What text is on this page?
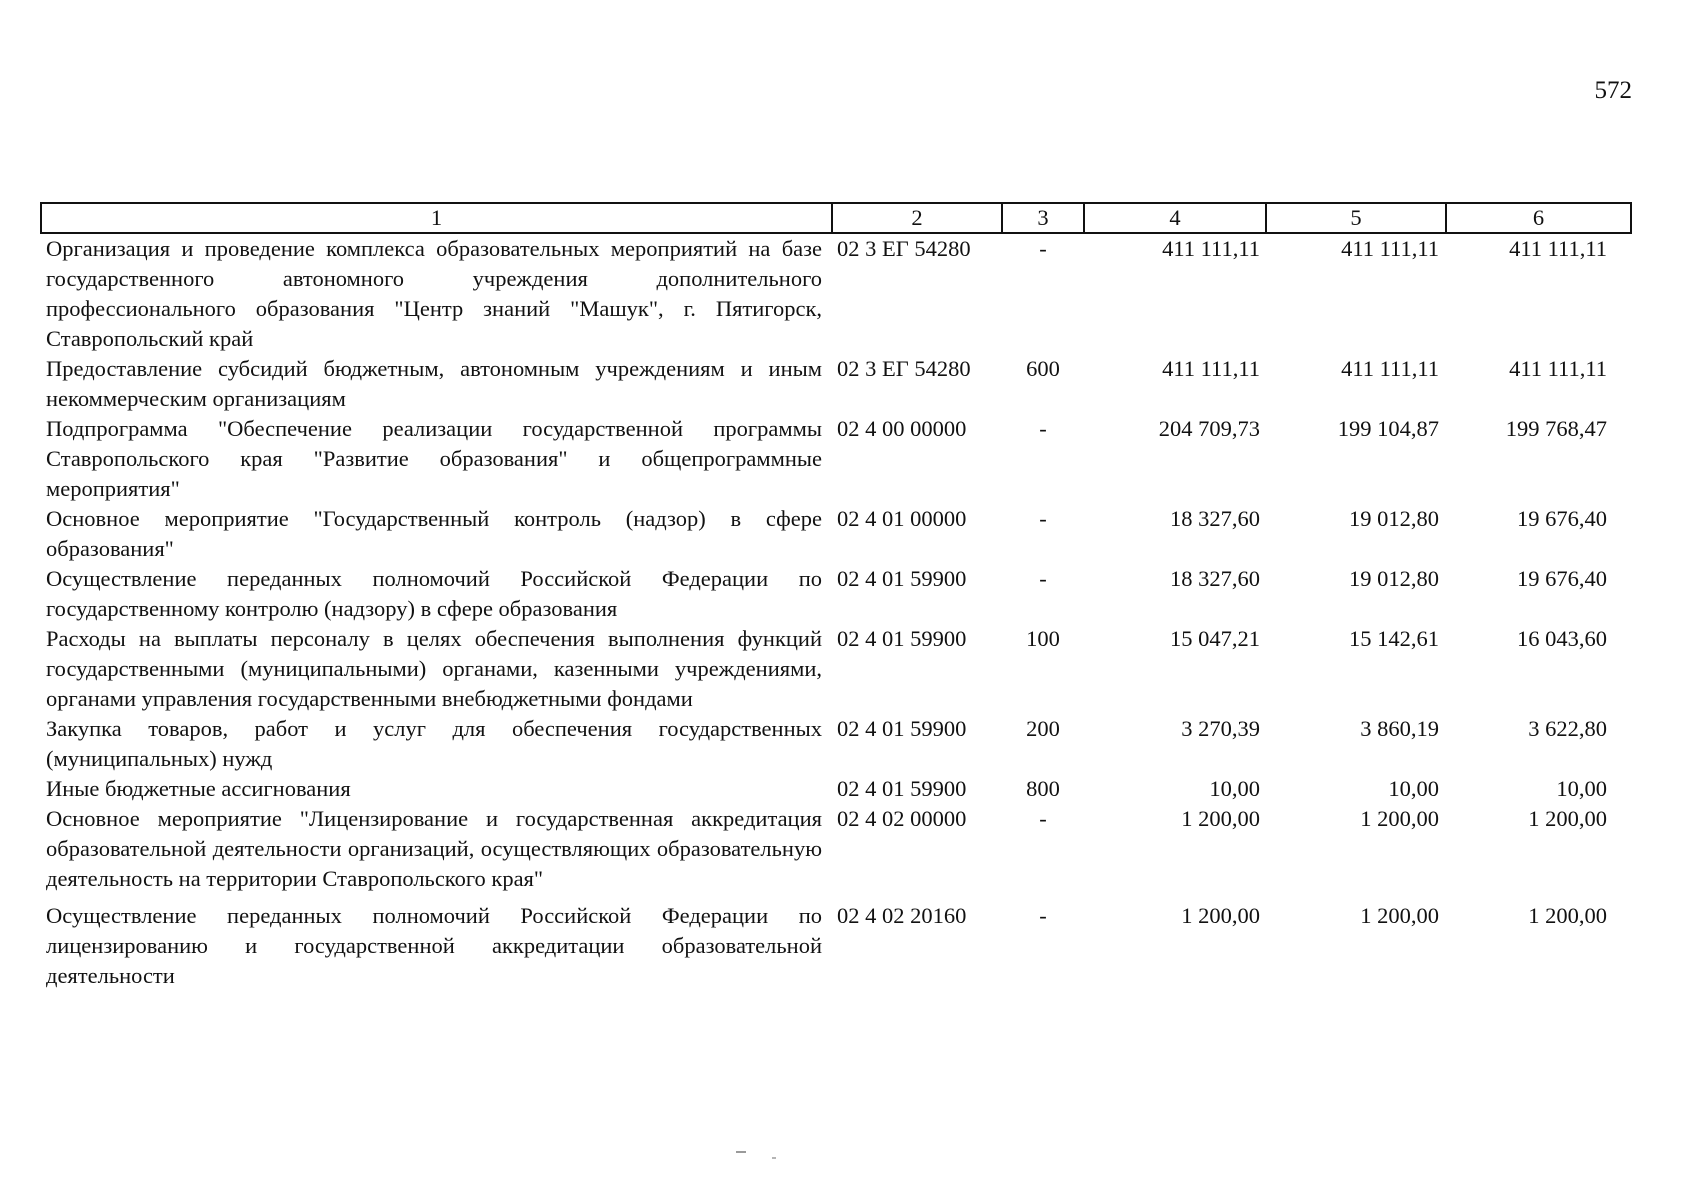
572
1	2	3	4	5	6
Организация и проведение комплекса образовательных мероприятий на базе государственного автономного учреждения дополнительного профессионального образования "Центр знаний "Машук", г. Пятигорск, Ставропольский край	02 3 ЕГ 54280	-	411 111,11	411 111,11	411 111,11
Предоставление субсидий бюджетным, автономным учреждениям и иным некоммерческим организациям	02 3 ЕГ 54280	600	411 111,11	411 111,11	411 111,11
Подпрограмма "Обеспечение реализации государственной программы Ставропольского края "Развитие образования" и общепрограммные мероприятия"	02 4 00 00000	-	204 709,73	199 104,87	199 768,47
Основное мероприятие "Государственный контроль (надзор) в сфере образования"	02 4 01 00000	-	18 327,60	19 012,80	19 676,40
Осуществление переданных полномочий Российской Федерации по государственному контролю (надзору) в сфере образования	02 4 01 59900	-	18 327,60	19 012,80	19 676,40
Расходы на выплаты персоналу в целях обеспечения выполнения функций государственными (муниципальными) органами, казенными учреждениями, органами управления государственными внебюджетными фондами	02 4 01 59900	100	15 047,21	15 142,61	16 043,60
Закупка товаров, работ и услуг для обеспечения государственных (муниципальных) нужд	02 4 01 59900	200	3 270,39	3 860,19	3 622,80
Иные бюджетные ассигнования	02 4 01 59900	800	10,00	10,00	10,00
Основное мероприятие "Лицензирование и государственная аккредитация образовательной деятельности организаций, осуществляющих образовательную деятельность на территории Ставропольского края"	02 4 02 00000	-	1 200,00	1 200,00	1 200,00
Осуществление переданных полномочий Российской Федерации по лицензированию и государственной аккредитации образовательной деятельности	02 4 02 20160	-	1 200,00	1 200,00	1 200,00
